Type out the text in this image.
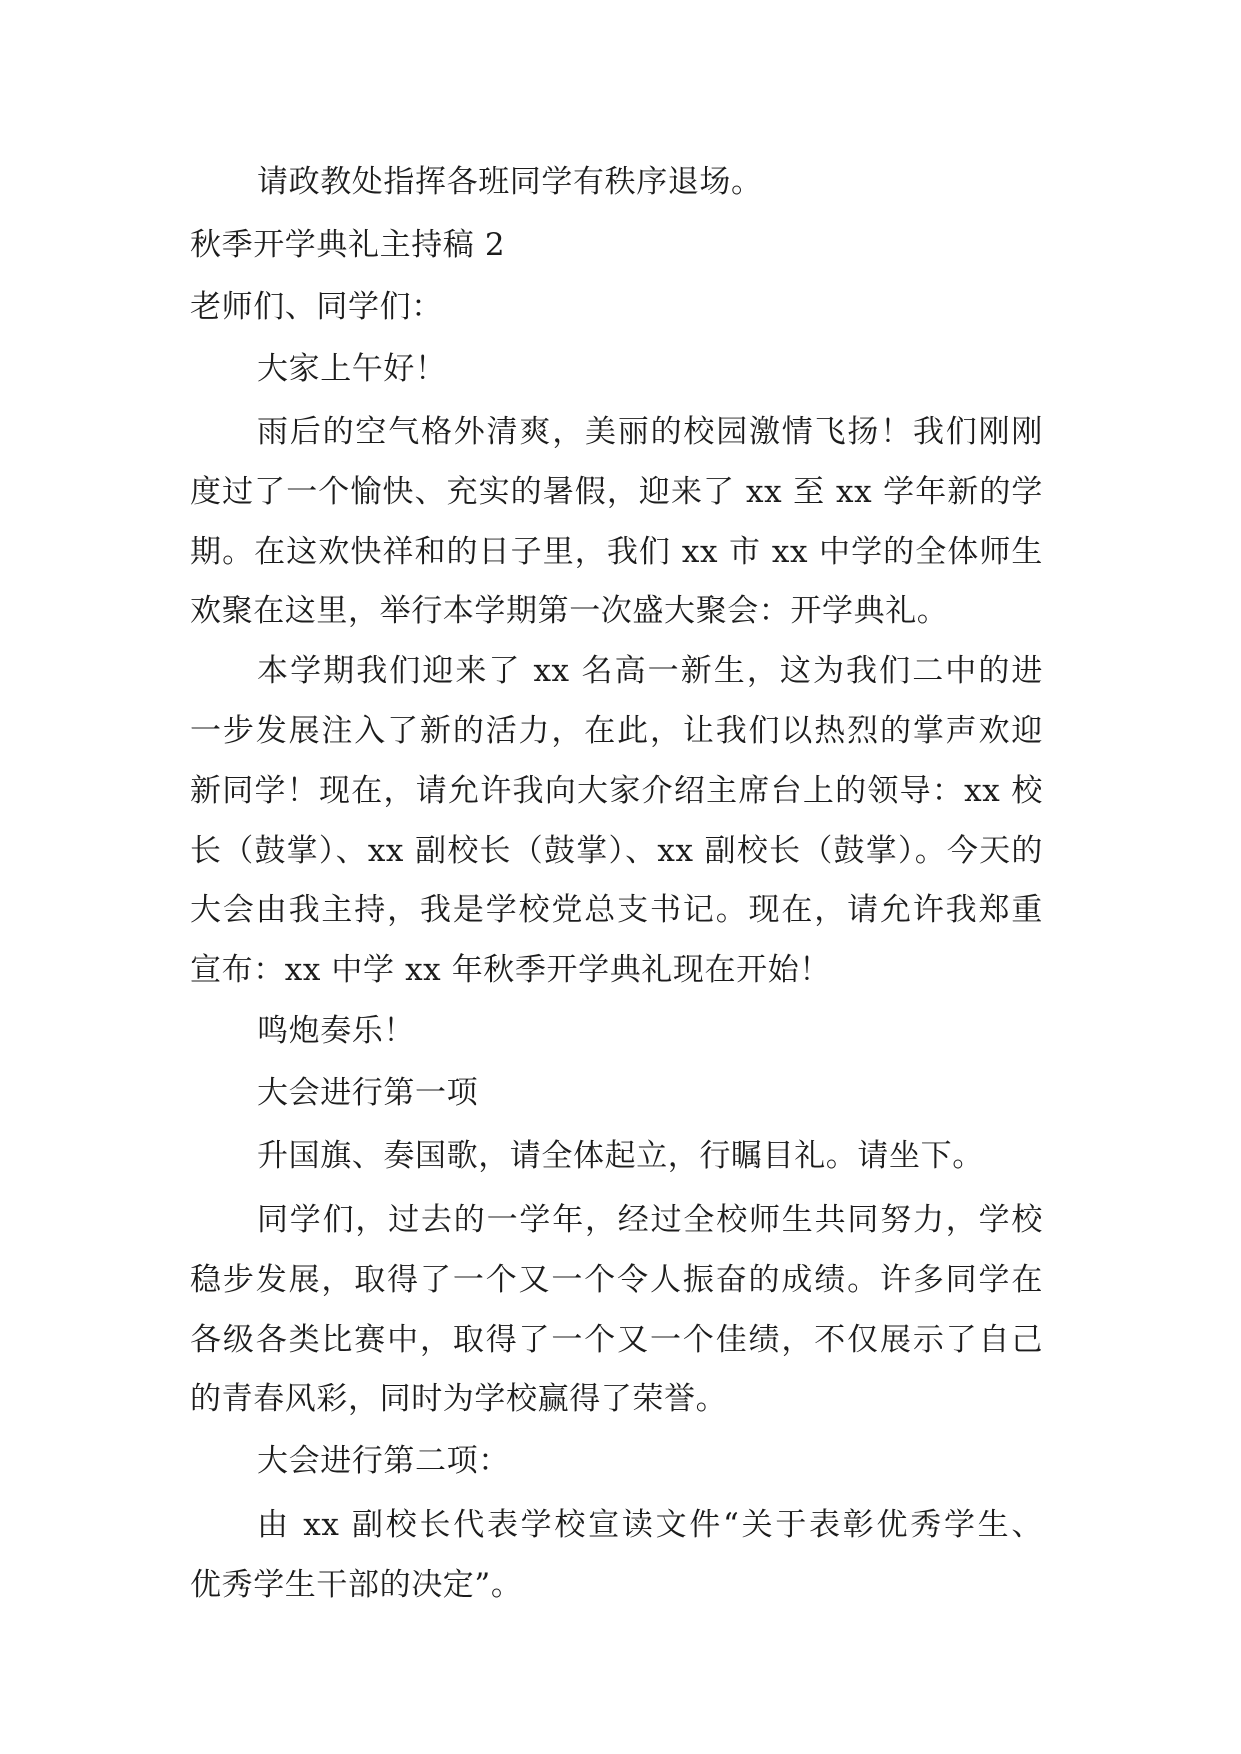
请政教处指挥各班同学有秩序退场。

秋季开学典礼主持稿 2

老师们、同学们：

大家上午好！

雨后的空气格外清爽，美丽的校园激情飞扬！我们刚刚

度过了一个愉快、充实的暑假，迎来了 xx 至 xx 学年新的学

期。在这欢快祥和的日子里，我们 xx 市 xx 中学的全体师生

欢聚在这里，举行本学期第一次盛大聚会：开学典礼。

本学期我们迎来了 xx 名高一新生，这为我们二中的进

一步发展注入了新的活力，在此，让我们以热烈的掌声欢迎

新同学！现在，请允许我向大家介绍主席台上的领导：xx 校

长（鼓掌）、xx 副校长（鼓掌）、xx 副校长（鼓掌）。今天的

大会由我主持，我是学校党总支书记。现在，请允许我郑重

宣布：xx 中学 xx 年秋季开学典礼现在开始！

鸣炮奏乐！

大会进行第一项

升国旗、奏国歌，请全体起立，行瞩目礼。请坐下。

同学们，过去的一学年，经过全校师生共同努力，学校

稳步发展，取得了一个又一个令人振奋的成绩。许多同学在

各级各类比赛中，取得了一个又一个佳绩，不仅展示了自己

的青春风彩，同时为学校赢得了荣誉。

大会进行第二项：

由 xx 副校长代表学校宣读文件“关于表彰优秀学生、

优秀学生干部的决定”。
